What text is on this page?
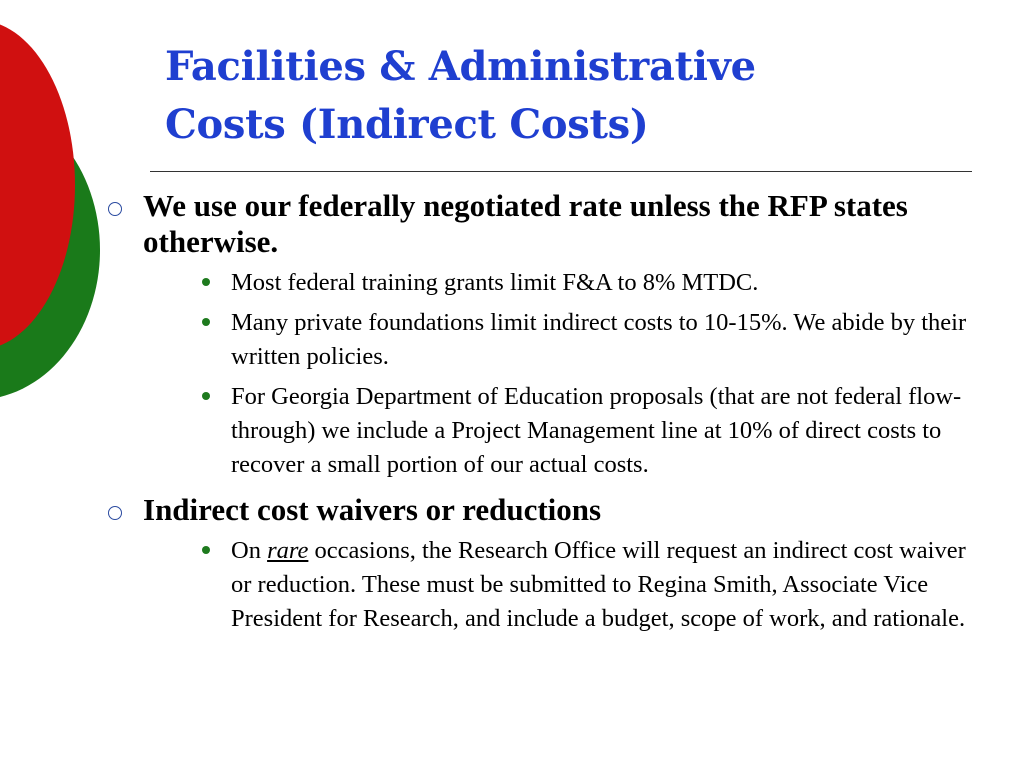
Facilities & Administrative
Costs (Indirect Costs)
We use our federally negotiated rate unless the RFP states otherwise.
Most federal training grants limit F&A to 8% MTDC.
Many private foundations limit indirect costs to 10-15%. We abide by their written policies.
For Georgia Department of Education proposals (that are not federal flow-through) we include a Project Management line at 10% of direct costs to recover a small portion of our actual costs.
Indirect cost waivers or reductions
On rare occasions, the Research Office will request an indirect cost waiver or reduction. These must be submitted to Regina Smith, Associate Vice President for Research, and include a budget, scope of work, and rationale.
